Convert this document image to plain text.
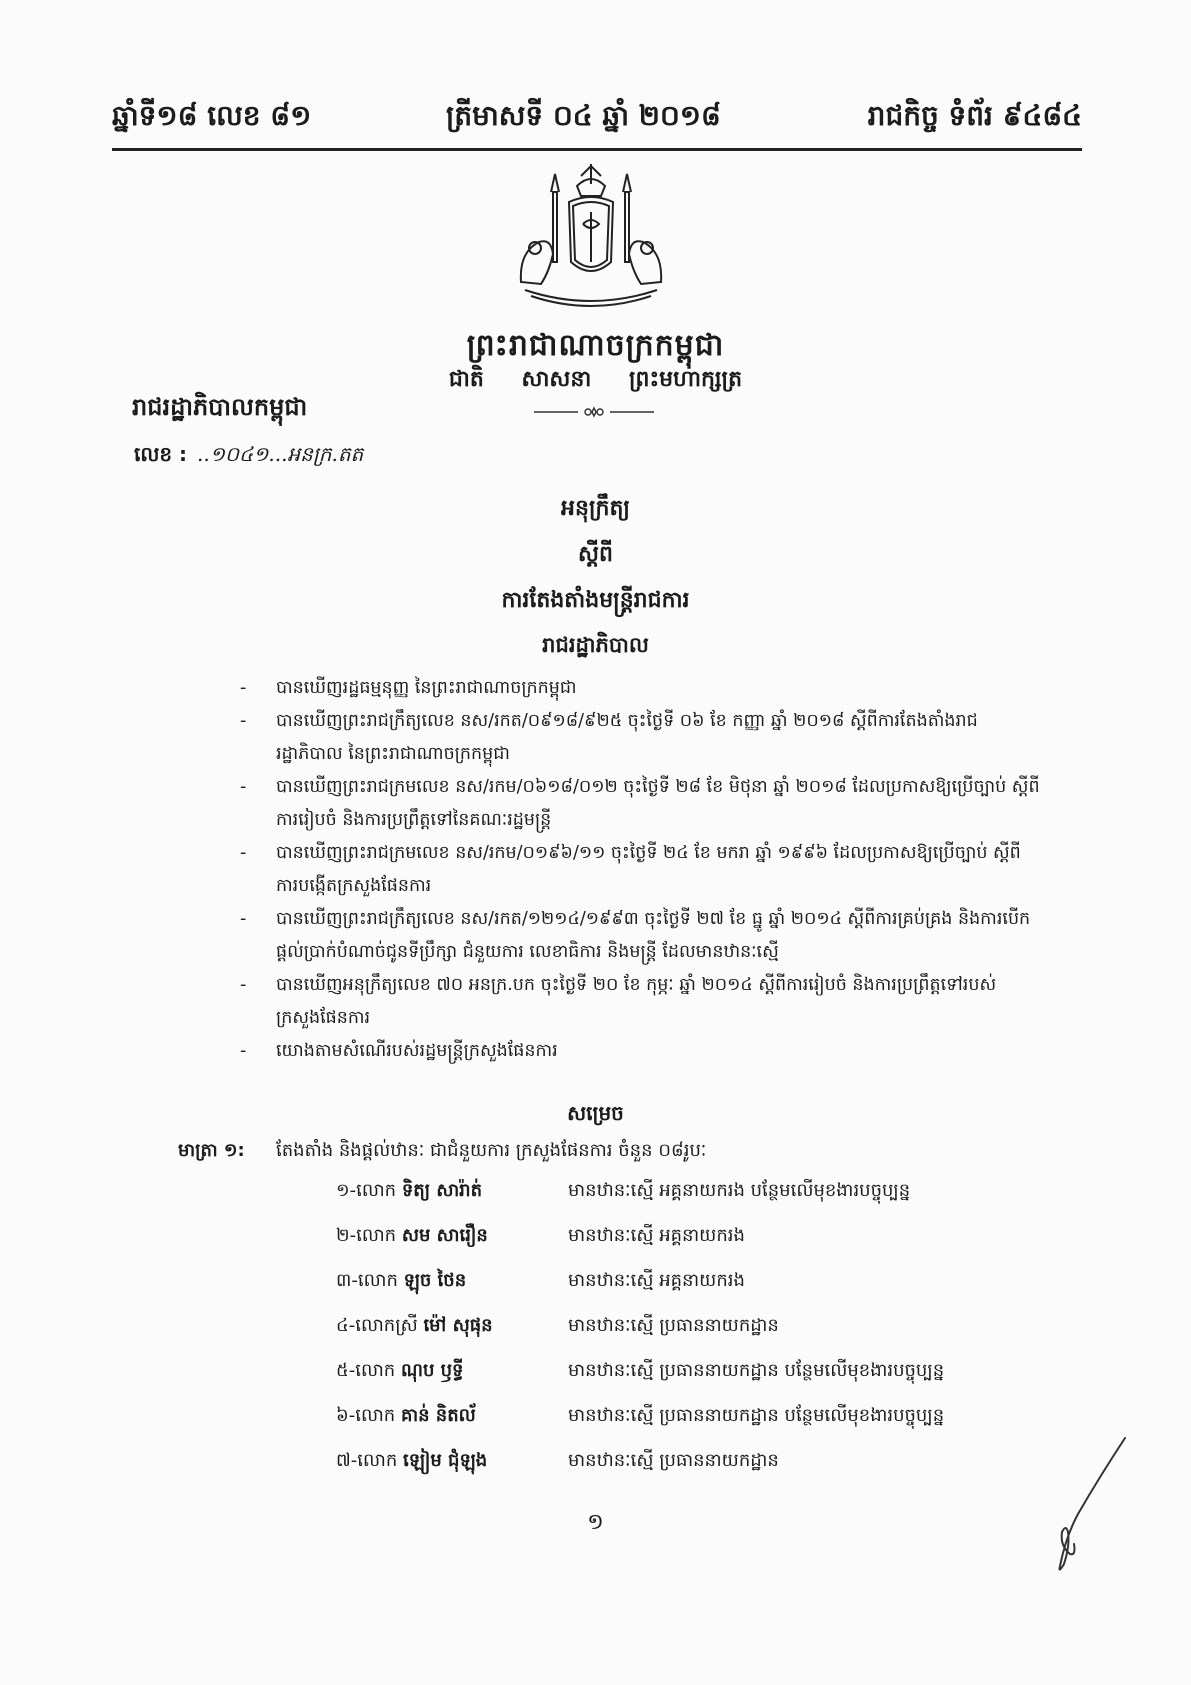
ឆ្នាំទី១៨ លេខ ៨១	ត្រីមាសទី ០៤ ឆ្នាំ ២០១៨	រាជកិច្ច ទំព័រ ៩៤៨៤
ព្រះរាជាណាចក្រកម្ពុជា
ជាតិ សាសនា ព្រះមហាក្សត្រ
រាជរដ្ឋាភិបាលកម្ពុជា
លេខ : ..១០៤១...អនក្រ.តត
អនុក្រឹត្យ
ស្តីពី
ការតែងតាំងមន្ត្រីរាជការ
រាជរដ្ឋាភិបាល
- បានឃើញរដ្ឋធម្មនុញ្ញ នៃព្រះរាជាណាចក្រកម្ពុជា
- បានឃើញព្រះរាជក្រឹត្យលេខ នស/រកត/០៩១៨/៩២៥ ចុះថ្ងៃទី ០៦ ខែ កញ្ញា ឆ្នាំ ២០១៨ ស្តីពីការតែងតាំងរាជរដ្ឋាភិបាល នៃព្រះរាជាណាចក្រកម្ពុជា
- បានឃើញព្រះរាជក្រមលេខ នស/រកម/០៦១៨/០១២ ចុះថ្ងៃទី ២៨ ខែ មិថុនា ឆ្នាំ ២០១៨ ដែលប្រកាសឱ្យប្រើច្បាប់ ស្តីពីការរៀបចំ និងការប្រព្រឹត្តទៅនៃគណៈរដ្ឋមន្ត្រី
- បានឃើញព្រះរាជក្រមលេខ នស/រកម/០១៩៦/១១ ចុះថ្ងៃទី ២៤ ខែ មករា ឆ្នាំ ១៩៩៦ ដែលប្រកាសឱ្យប្រើច្បាប់ ស្តីពីការបង្កើតក្រសួងផែនការ
- បានឃើញព្រះរាជក្រឹត្យលេខ នស/រកត/១២១៤/១៩៩៣ ចុះថ្ងៃទី ២៧ ខែ ធ្នូ ឆ្នាំ ២០១៤ ស្តីពីការគ្រប់គ្រង និងការបើកផ្តល់ប្រាក់បំណាច់ជូនទីប្រឹក្សា ជំនួយការ លេខាធិការ និងមន្ត្រី ដែលមានឋានៈស្មើ
- បានឃើញអនុក្រឹត្យលេខ ៧០ អនក្រ.បក ចុះថ្ងៃទី ២០ ខែ កុម្ភៈ ឆ្នាំ ២០១៤ ស្តីពីការរៀបចំ និងការប្រព្រឹត្តទៅរបស់ក្រសួងផែនការ
- យោងតាមសំណើរបស់រដ្ឋមន្ត្រីក្រសួងផែនការ
សម្រេច
មាត្រា ១: តែងតាំង និងផ្តល់ឋានៈ ជាជំនួយការ ក្រសួងផែនការ ចំនួន ០៨រូបៈ
១-លោក ទិត្យ សារ៉ាត់	មានឋានៈស្មើ អគ្គនាយករង បន្ថែមលើមុខងារបច្ចុប្បន្ន
២-លោក សម សារឿន	មានឋានៈស្មើ អគ្គនាយករង
៣-លោក ឡុច ថៃន	មានឋានៈស្មើ អគ្គនាយករង
៤-លោកស្រី ម៉ៅ សុផុន	មានឋានៈស្មើ ប្រធាននាយកដ្ឋាន
៥-លោក ណុប ឫទ្ធី	មានឋានៈស្មើ ប្រធាននាយកដ្ឋាន បន្ថែមលើមុខងារបច្ចុប្បន្ន
៦-លោក គាន់ និតល័	មានឋានៈស្មើ ប្រធាននាយកដ្ឋាន បន្ថែមលើមុខងារបច្ចុប្បន្ន
៧-លោក ឡៀម ជុំឡុង	មានឋានៈស្មើ ប្រធាននាយកដ្ឋាន
១
